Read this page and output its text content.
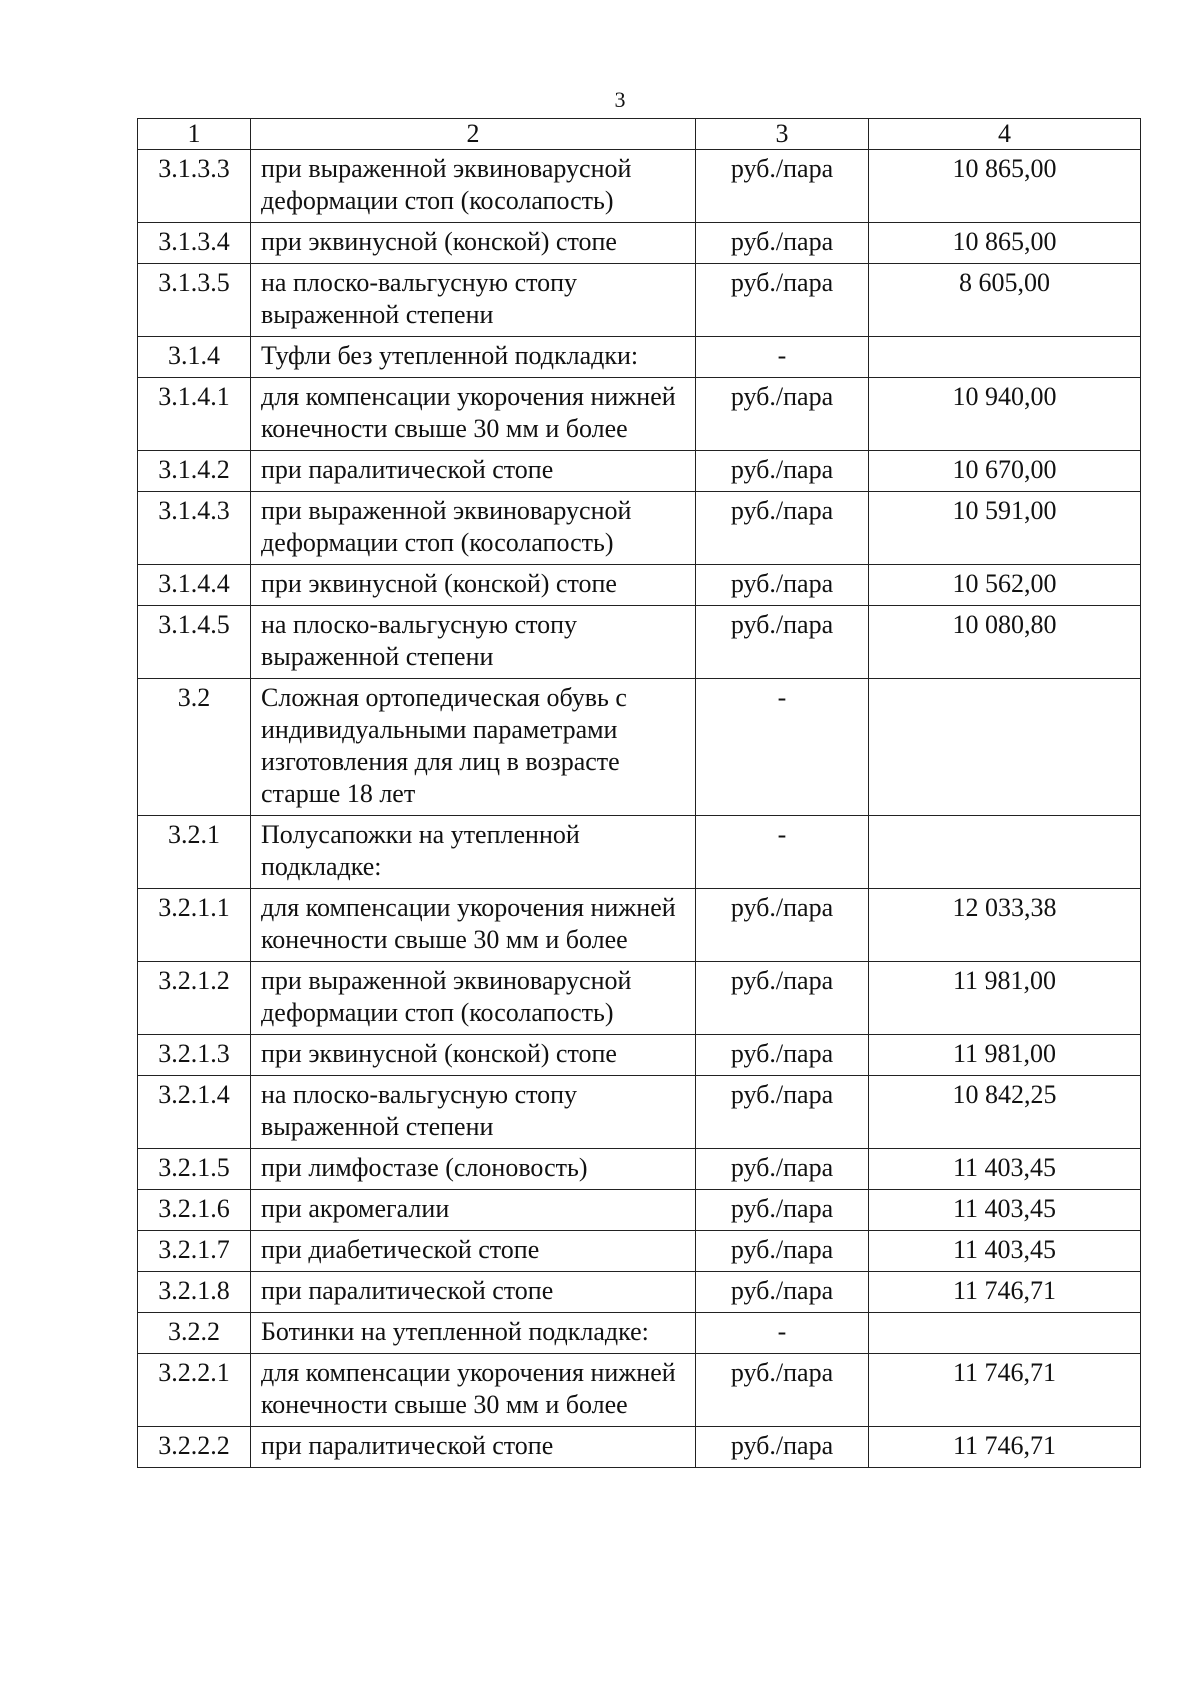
3
1	2	3	4
3.1.3.3	при выраженной эквиноварусной деформации стоп (косолапость)	руб./пара	10 865,00
3.1.3.4	при эквинусной (конской) стопе	руб./пара	10 865,00
3.1.3.5	на плоско-вальгусную стопу выраженной степени	руб./пара	8 605,00
3.1.4	Туфли без утепленной подкладки:	-	
3.1.4.1	для компенсации укорочения нижней конечности свыше 30 мм и более	руб./пара	10 940,00
3.1.4.2	при паралитической стопе	руб./пара	10 670,00
3.1.4.3	при выраженной эквиноварусной деформации стоп (косолапость)	руб./пара	10 591,00
3.1.4.4	при эквинусной (конской) стопе	руб./пара	10 562,00
3.1.4.5	на плоско-вальгусную стопу выраженной степени	руб./пара	10 080,80
3.2	Сложная ортопедическая обувь с индивидуальными параметрами изготовления для лиц в возрасте старше 18 лет	-	
3.2.1	Полусапожки на утепленной подкладке:	-	
3.2.1.1	для компенсации укорочения нижней конечности свыше 30 мм и более	руб./пара	12 033,38
3.2.1.2	при выраженной эквиноварусной деформации стоп (косолапость)	руб./пара	11 981,00
3.2.1.3	при эквинусной (конской) стопе	руб./пара	11 981,00
3.2.1.4	на плоско-вальгусную стопу выраженной степени	руб./пара	10 842,25
3.2.1.5	при лимфостазе (слоновость)	руб./пара	11 403,45
3.2.1.6	при акромегалии	руб./пара	11 403,45
3.2.1.7	при диабетической стопе	руб./пара	11 403,45
3.2.1.8	при паралитической стопе	руб./пара	11 746,71
3.2.2	Ботинки на утепленной подкладке:	-	
3.2.2.1	для компенсации укорочения нижней конечности свыше 30 мм и более	руб./пара	11 746,71
3.2.2.2	при паралитической стопе	руб./пара	11 746,71
